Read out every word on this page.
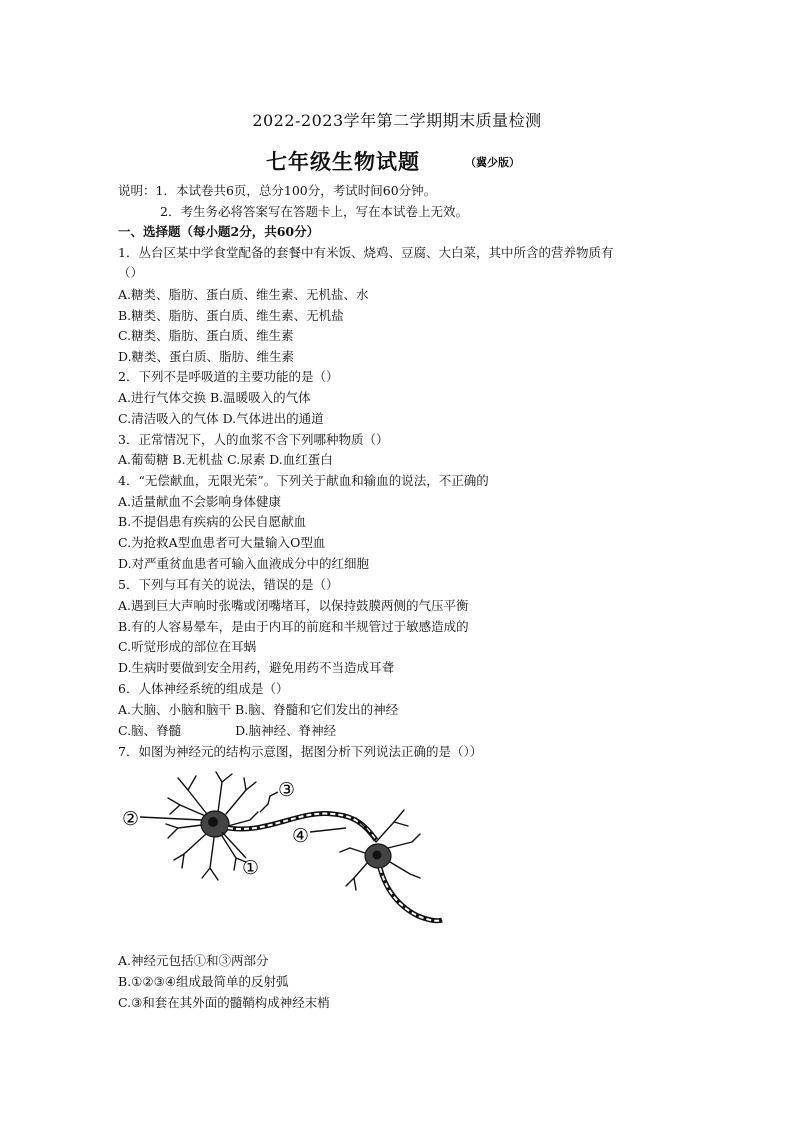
2022-2023学年第二学期期末质量检测
七年级生物试题	（冀少版）
说明：1．本试卷共6页，总分100分，考试时间60分钟。
2．考生务必将答案写在答题卡上，写在本试卷上无效。
一、选择题（每小题2分，共60分）
1．丛台区某中学食堂配备的套餐中有米饭、烧鸡、豆腐、大白菜，其中所含的营养物质有
（）
A.糖类、脂肪、蛋白质、维生素、无机盐、水
B.糖类、脂肪、蛋白质、维生素、无机盐
C.糖类、脂肪、蛋白质、维生素
D.糖类、蛋白质、脂肪、维生素
2．下列不是呼吸道的主要功能的是（）
A.进行气体交换 B.温暖吸入的气体
C.清洁吸入的气体 D.气体进出的通道
3．正常情况下，人的血浆不含下列哪种物质（）
A.葡萄糖 B.无机盐 C.尿素 D.血红蛋白
4．“无偿献血，无限光荣”。下列关于献血和输血的说法，不正确的
A.适量献血不会影响身体健康
B.不提倡患有疾病的公民自愿献血
C.为抢救A型血患者可大量输入O型血
D.对严重贫血患者可输入血液成分中的红细胞
5．下列与耳有关的说法，错误的是（）
A.遇到巨大声响时张嘴或闭嘴堵耳，以保持鼓膜两侧的气压平衡
B.有的人容易晕车，是由于内耳的前庭和半规管过于敏感造成的
C.听觉形成的部位在耳蜗
D.生病时要做到安全用药，避免用药不当造成耳聋
6．人体神经系统的组成是（）
A.大脑、小脑和脑干 B.脑、脊髓和它们发出的神经
C.脑、脊髓　　　　 D.脑神经、脊神经
7．如图为神经元的结构示意图，据图分析下列说法正确的是（））
②
③
④
①
A.神经元包括①和③两部分
B.①②③④组成最简单的反射弧
C.③和套在其外面的髓鞘构成神经末梢
